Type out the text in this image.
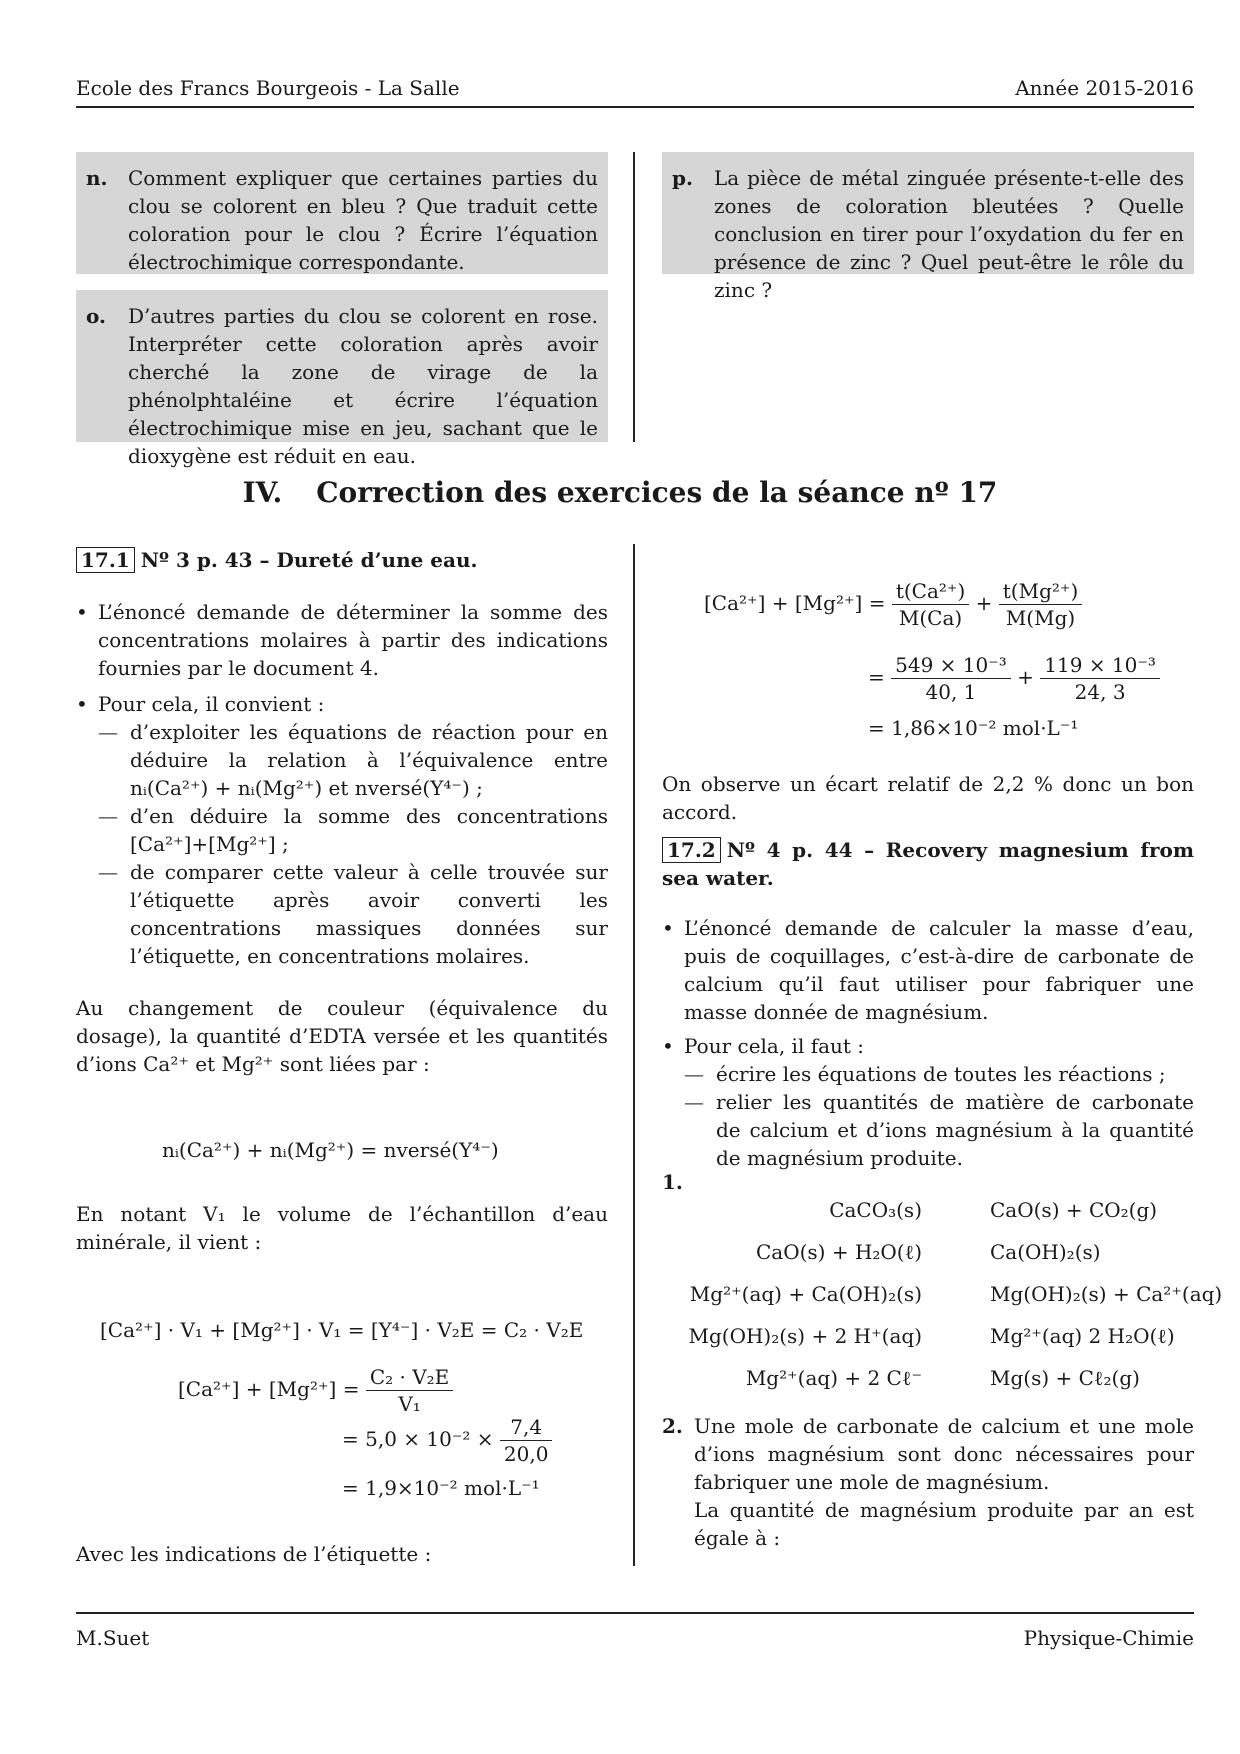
Ecole des Francs Bourgeois - La Salle	Année 2015-2016
n. Comment expliquer que certaines parties du clou se colorent en bleu ? Que traduit cette coloration pour le clou ? Écrire l’équation électrochimique correspondante.
o. D’autres parties du clou se colorent en rose. Interpréter cette coloration après avoir cherché la zone de virage de la phénolphtaléine et écrire l’équation électrochimique mise en jeu, sachant que le dioxygène est réduit en eau.
p. La pièce de métal zinguée présente-t-elle des zones de coloration bleutées ? Quelle conclusion en tirer pour l’oxydation du fer en présence de zinc ? Quel peut-être le rôle du zinc ?
IV. Correction des exercices de la séance nº 17

17.1 Nº 3 p. 43 – Dureté d’une eau.

• L’énoncé demande de déterminer la somme des concentrations molaires à partir des indications fournies par le document 4.
• Pour cela, il convient :
— d’exploiter les équations de réaction pour en déduire la relation à l’équivalence entre nᵢ(Ca²⁺) + nᵢ(Mg²⁺) et nversé(Y⁴⁻) ;
— d’en déduire la somme des concentrations [Ca²⁺]+[Mg²⁺] ;
— de comparer cette valeur à celle trouvée sur l’étiquette après avoir converti les concentrations massiques données sur l’étiquette, en concentrations molaires.

Au changement de couleur (équivalence du dosage), la quantité d’EDTA versée et les quantités d’ions Ca²⁺ et Mg²⁺ sont liées par :

nᵢ(Ca²⁺) + nᵢ(Mg²⁺) = nversé(Y⁴⁻)

En notant V₁ le volume de l’échantillon d’eau minérale, il vient :

[Ca²⁺] · V₁ + [Mg²⁺] · V₁ = [Y⁴⁻] · V₂E = C₂ · V₂E
$[Ca^{2+}] + [Mg^{2+}] = \frac{\text{C₂ · V₂E}}{\text{V₁}}$
= $5,0 \times 10^{-2} \times \frac{7,4}{20,0}$
= 1,9×10⁻² mol·L⁻¹

Avec les indications de l’étiquette :

$[Ca^{2+}] + [Mg^{2+}] = \frac{\text{t(Ca²⁺)}}{M(Ca)} + \frac{\text{t(Mg²⁺)}}{M(Mg)}$
= $\frac{\text{549 × 10⁻³}}{40, 1} + \frac{\text{119 × 10⁻³}}{24, 3}$
= 1,86×10⁻² mol·L⁻¹

On observe un écart relatif de 2,2 % donc un bon accord.

17.2 Nº 4 p. 44 – Recovery magnesium from sea water.

• L’énoncé demande de calculer la masse d’eau, puis de coquillages, c’est-à-dire de carbonate de calcium qu’il faut utiliser pour fabriquer une masse donnée de magnésium.
• Pour cela, il faut :
— écrire les équations de toutes les réactions ;
— relier les quantités de matière de carbonate de calcium et d’ions magnésium à la quantité de magnésium produite.
1.
CaCO₃(s)	CaO(s) + CO₂(g)
CaO(s) + H₂O(ℓ)	Ca(OH)₂(s)
Mg²⁺(aq) + Ca(OH)₂(s)	Mg(OH)₂(s) + Ca²⁺(aq)
Mg(OH)₂(s) + 2 H⁺(aq)	Mg²⁺(aq) 2 H₂O(ℓ)
Mg²⁺(aq) + 2 Cℓ⁻	Mg(s) + Cℓ₂(g)
2. Une mole de carbonate de calcium et une mole d’ions magnésium sont donc nécessaires pour fabriquer une mole de magnésium.

La quantité de magnésium produite par an est égale à :

M.Suet	Physique-Chimie
